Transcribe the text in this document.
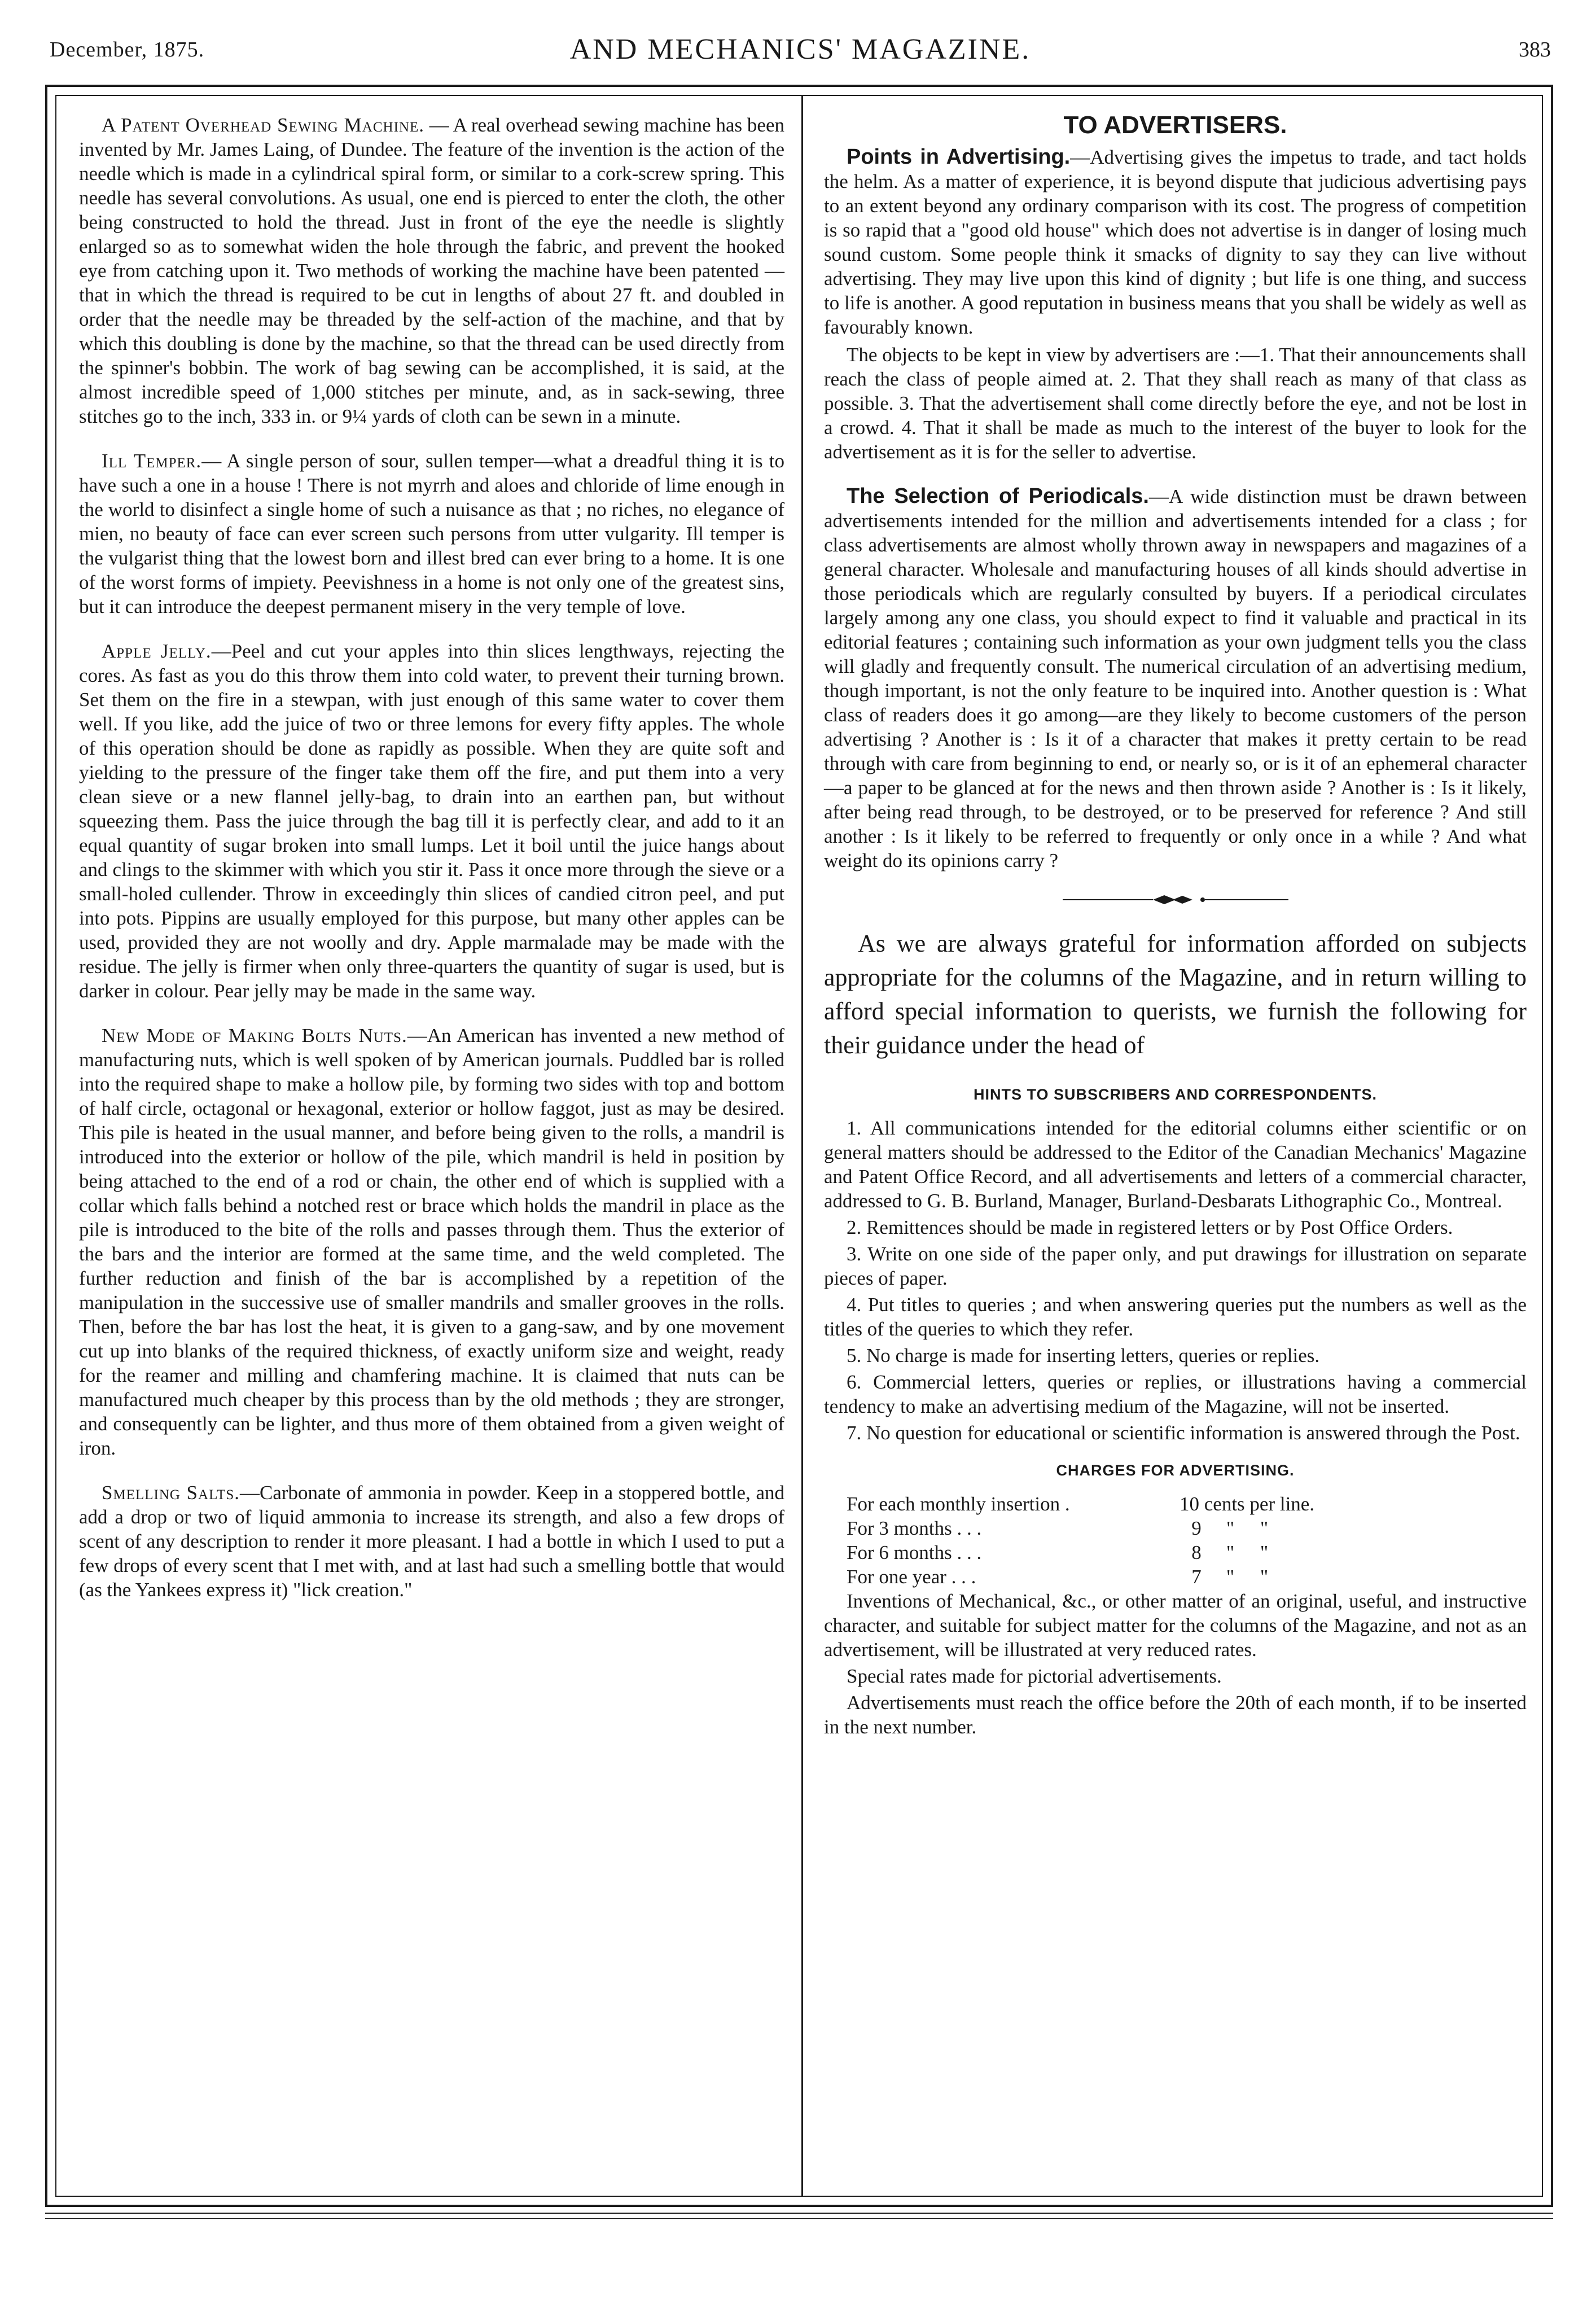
December, 1875.	AND MECHANICS' MAGAZINE.	383

A Patent Overhead Sewing Machine. — A real overhead sewing machine has been invented by Mr. James Laing, of Dundee. The feature of the invention is the action of the needle which is made in a cylindrical spiral form, or similar to a cork-screw spring. This needle has several convolutions. As usual, one end is pierced to enter the cloth, the other being constructed to hold the thread. Just in front of the eye the needle is slightly enlarged so as to somewhat widen the hole through the fabric, and prevent the hooked eye from catching upon it. Two methods of working the machine have been patented — that in which the thread is required to be cut in lengths of about 27 ft. and doubled in order that the needle may be threaded by the self-action of the machine, and that by which this doubling is done by the machine, so that the thread can be used directly from the spinner's bobbin. The work of bag sewing can be accomplished, it is said, at the almost incredible speed of 1,000 stitches per minute, and, as in sack-sewing, three stitches go to the inch, 333 in. or 9¼ yards of cloth can be sewn in a minute.

Ill Temper.— A single person of sour, sullen temper—what a dreadful thing it is to have such a one in a house ! There is not myrrh and aloes and chloride of lime enough in the world to disinfect a single home of such a nuisance as that ; no riches, no elegance of mien, no beauty of face can ever screen such persons from utter vulgarity. Ill temper is the vulgarist thing that the lowest born and illest bred can ever bring to a home. It is one of the worst forms of impiety. Peevishness in a home is not only one of the greatest sins, but it can introduce the deepest permanent misery in the very temple of love.

Apple Jelly.—Peel and cut your apples into thin slices lengthways, rejecting the cores. As fast as you do this throw them into cold water, to prevent their turning brown. Set them on the fire in a stewpan, with just enough of this same water to cover them well. If you like, add the juice of two or three lemons for every fifty apples. The whole of this operation should be done as rapidly as possible. When they are quite soft and yielding to the pressure of the finger take them off the fire, and put them into a very clean sieve or a new flannel jelly-bag, to drain into an earthen pan, but without squeezing them. Pass the juice through the bag till it is perfectly clear, and add to it an equal quantity of sugar broken into small lumps. Let it boil until the juice hangs about and clings to the skimmer with which you stir it. Pass it once more through the sieve or a small-holed cullender. Throw in exceedingly thin slices of candied citron peel, and put into pots. Pippins are usually employed for this purpose, but many other apples can be used, provided they are not woolly and dry. Apple marmalade may be made with the residue. The jelly is firmer when only three-quarters the quantity of sugar is used, but is darker in colour. Pear jelly may be made in the same way.

New Mode of Making Bolts Nuts.—An American has invented a new method of manufacturing nuts, which is well spoken of by American journals. Puddled bar is rolled into the required shape to make a hollow pile, by forming two sides with top and bottom of half circle, octagonal or hexagonal, exterior or hollow faggot, just as may be desired. This pile is heated in the usual manner, and before being given to the rolls, a mandril is introduced into the exterior or hollow of the pile, which mandril is held in position by being attached to the end of a rod or chain, the other end of which is supplied with a collar which falls behind a notched rest or brace which holds the mandril in place as the pile is introduced to the bite of the rolls and passes through them. Thus the exterior of the bars and the interior are formed at the same time, and the weld completed. The further reduction and finish of the bar is accomplished by a repetition of the manipulation in the successive use of smaller mandrils and smaller grooves in the rolls. Then, before the bar has lost the heat, it is given to a gang-saw, and by one movement cut up into blanks of the required thickness, of exactly uniform size and weight, ready for the reamer and milling and chamfering machine. It is claimed that nuts can be manufactured much cheaper by this process than by the old methods ; they are stronger, and consequently can be lighter, and thus more of them obtained from a given weight of iron.

Smelling Salts.—Carbonate of ammonia in powder. Keep in a stoppered bottle, and add a drop or two of liquid ammonia to increase its strength, and also a few drops of scent of any description to render it more pleasant. I had a bottle in which I used to put a few drops of every scent that I met with, and at last had such a smelling bottle that would (as the Yankees express it) "lick creation."

TO ADVERTISERS.

Points in Advertising.—Advertising gives the impetus to trade, and tact holds the helm. As a matter of experience, it is beyond dispute that judicious advertising pays to an extent beyond any ordinary comparison with its cost. The progress of competition is so rapid that a "good old house" which does not advertise is in danger of losing much sound custom. Some people think it smacks of dignity to say they can live without advertising. They may live upon this kind of dignity ; but life is one thing, and success to life is another. A good reputation in business means that you shall be widely as well as favourably known.

The objects to be kept in view by advertisers are :—1. That their announcements shall reach the class of people aimed at. 2. That they shall reach as many of that class as possible. 3. That the advertisement shall come directly before the eye, and not be lost in a crowd. 4. That it shall be made as much to the interest of the buyer to look for the advertisement as it is for the seller to advertise.

The Selection of Periodicals.—A wide distinction must be drawn between advertisements intended for the million and advertisements intended for a class ; for class advertisements are almost wholly thrown away in newspapers and magazines of a general character. Wholesale and manufacturing houses of all kinds should advertise in those periodicals which are regularly consulted by buyers. If a periodical circulates largely among any one class, you should expect to find it valuable and practical in its editorial features ; containing such information as your own judgment tells you the class will gladly and frequently consult. The numerical circulation of an advertising medium, though important, is not the only feature to be inquired into. Another question is : What class of readers does it go among—are they likely to become customers of the person advertising ? Another is : Is it of a character that makes it pretty certain to be read through with care from beginning to end, or nearly so, or is it of an ephemeral character—a paper to be glanced at for the news and then thrown aside ? Another is : Is it likely, after being read through, to be destroyed, or to be preserved for reference ? And still another : Is it likely to be referred to frequently or only once in a while ? And what weight do its opinions carry ?

As we are always grateful for information afforded on subjects appropriate for the columns of the Magazine, and in return willing to afford special information to querists, we furnish the following for their guidance under the head of

HINTS TO SUBSCRIBERS AND CORRESPONDENTS.

1. All communications intended for the editorial columns either scientific or on general matters should be addressed to the Editor of the Canadian Mechanics' Magazine and Patent Office Record, and all advertisements and letters of a commercial character, addressed to G. B. Burland, Manager, Burland-Desbarats Lithographic Co., Montreal.

2. Remittences should be made in registered letters or by Post Office Orders.

3. Write on one side of the paper only, and put drawings for illustration on separate pieces of paper.

4. Put titles to queries ; and when answering queries put the numbers as well as the titles of the queries to which they refer.

5. No charge is made for inserting letters, queries or replies.

6. Commercial letters, queries or replies, or illustrations having a commercial tendency to make an advertising medium of the Magazine, will not be inserted.

7. No question for educational or scientific information is answered through the Post.

CHARGES FOR ADVERTISING.
For each monthly insertion .	10 cents per line.
For 3 months . . .	9	"	"
For 6 months . . .	8	"	"
For one year . . .	7	"	"

Inventions of Mechanical, &c., or other matter of an original, useful, and instructive character, and suitable for subject matter for the columns of the Magazine, and not as an advertisement, will be illustrated at very reduced rates.

Special rates made for pictorial advertisements.

Advertisements must reach the office before the 20th of each month, if to be inserted in the next number.
